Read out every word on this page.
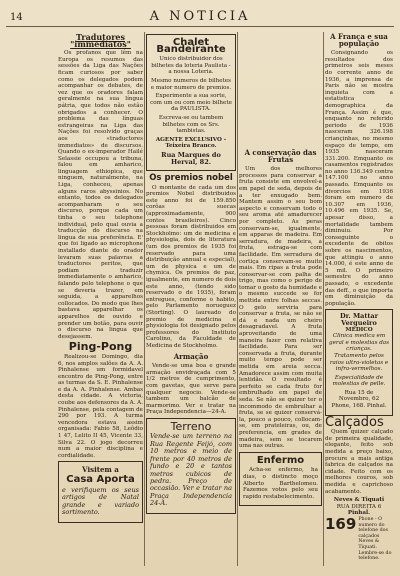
14	A NOTICIA
Tradutores "immediatos"

Os profanos que lêm na Europa os resumos das sessões da Liga das Nações ficam curiosos por saber como os delegados podem acompanhar os debates, de vez que os oradores falam geralmente na sua língua pátria, que todos não estão obrigados a conhecer. O problema das línguas estrangeiras na Liga das Nações foi resolvido graças aos «traductores immediatos» de discursos. Quando o ex-imperador Hailé Selassie occupou a tribuna, falou em amharico, linguagem ethiopica, que ninguem, naturalmente, na Liga, conheceu, apenas alguns raros abyssinios. No entanto, todos os delegados acompanharam o seu discurso, porque cada um tinha o seu telephone individual, pelo qual ouvia a traducção do discurso na lingua de sua preferência. E' que foi ligado ao microphone installado diante do orador levaram suas palavras a traductores peritos, que podiam traduzir immediatamente o amharico, falando pelo telephone o que se deveria trazer, em seguida, a apparelhos collocados. Do modo que lhes bastava apparelhar os apparelhos de ouvido e prender um botão, para ouvir o discurso na lingua que desejassem.

Ping-Pong

Realizou-se Domingo, dia 6, nos amplos salões da A. A. Pinhalense um formidavel encontro de Ping-Pong, entre as turmas da S. E. Pinhalense e da A. A. Pinhalense. Ambas desta cidade. A victoria, coube aos defensores da A. A. Pinhalense, pela contagem de 290 por 193. A turma vencedora estava assim organisada: Fabio 58, Leôdio 1 47, Lelito II 45, Vicente 33, Silva 22. O jogo decorreu num a maior disciplina e cordialidade.

Visitem a
Casa Aporta

e verifiquem os seus artigos de Natal grande e variado sortimento.

Chalet Bandeirante

Unico distribuidor dos bilhetes da loteria Paulista -a nossa Loteria.

Mesmo numeros de bilhetes e maior numero de premios.

Experimente a sua sorte, com um ou com meio bilhete da PAULISTA.

Escreva-se ou tambem bilhetes com os Srs. tambistas.

AGENTE EXCLUSIVO - Teixeira Branco.

Rua Marques do Herval, 82.

Os premios nobel

O montante de cada um dos premios Nobel distribuidos este anno foi de 159.850 corôas suecas (approximadamente, 900 contos brasileiros). Cinco pessoas foram distribuidos em Stockholmo: um de medicina e physiologia, dois de literatura (um dos premios de 1935 foi reservado para uma distribuição annual e especial), um de physica e um de chymica. Os premios de paz, igualmente, em numero de dois este anno, (tendo sido reservado o de 1935), foram entregues, conforme o habito, pelo Parlamento norueguez (Storting). O laureado do premio de medicina e physiologia foi designado pelos professores do Instituto Carolino, da Faculdade de Medicina de Stockholmo.

Armação

Vende-se uma boa e grande armação envidraçada com 5 1/2 metros de cumprimento, com gavetas, que serve para qualquer negocio. Vende-se tambem um balcão de marmorimo. Ver e tratar na Praça Independencia—24-A.

Terreno

Vende-se um terreno na Rua Regente Feijó, com 10 metros e meio de frente por 40 metros de fundo e 20 e tantos metros cubicos de pedra. Preço de occasião. Ver e tratar na Praça Independencia 24-A.

A conservação das Frutas

Um dos melhores processos para conservar a fruta consiste em envolvel-a em papel de seda, depois de a ter enxugado bem. Mantem assim o seu bom aspecto e conservam todo o seu aroma até amadurecer por completo. As peras conservam-se, igualmente, em apparas de madeira. Em serradura, de madeira, a fruta, estraga-se com facilidade. Em serradura de cortiça conservam-se muito mais. Em ripas a fruta pode conservar-se com palha de trigo, mas como o perigo de tomar o gosto da humidade e o mesmo succede se for mettida entre folhas seccas. O gelo serviria para conservar a fruta, se não se dá e nada um cheiro desagradavel. A fruta aproveitando de uma maneira fazer com relativa facilidade. Para ser conservada a fruta, durante muito tempo pode ser metida em areia secca. Amadorece assim com muita lentidão. O resultado é perfeito se cada fruto for embrulhado em papel de seda. Se não se quizer ter o incommodo de embrulhar a fruta, se se quizer conservá-la, pouco a pouco, collocam-se, em prateleiras, ou, de preferencia, em grades de madeira, sem se tocarem uma nas outras.

Enfermo

Acha-se enfermo, ha dias, o distincto moço Alberto Barthelomeu. Fazemos votos pelo seu rapido restabelecimento.

A França e sua população

Consignando os resultados dos primeiros seis meses do corrente anno de 1936, a imprensa de Paris não se mostra inquieta com a estatistica demographica da França. Assim é que, enquanto no referido periodo de 1936 nasceram 326.198 criançinhas, no mesmo espaço de tempo, em 1935 nasceram 331.200. Emquanto os casamentos registrados no anno 136.349 contra 147.100 no anno passado. Emquanto os divorcios em 1936 foram em numero de 10.307 em 1936, 10.496 em 1935. Se, apesar disso, a mortalidade tambem diminuiu. Por conseguinte o excedente de obitos sobre os nascimentos, que attingiu o anno 14.000, é este anno de 5 mil. O primeiro semestre do anno passado, o excedente das deff., o que importa em diminuição da população.

Dr. Mattar Vergueiro
MEDICO

Clinica medica em geral e molestias das crianças. Tratamento pelos raios ultra-violetas e infra-vermelhos.

Especialidade de molestias de pelle.

Rua 15 de Novembro, 62 Phone, 168. Pinhal.

Calçados

Quem quizer calçado de primeira qualidade, elegante, feito sob medida a preço baixo, procure a mais antiga fabrica de calçados na cidade. Feito com os melhores couros, sob medida e caprichoso acabamento.

Neves & Tiquati
RUA DIREITA 6
Pinhal.
169 Phone - O numero do telefone dos calçados Neves & Tiquati. Lembre-se do telefone.
